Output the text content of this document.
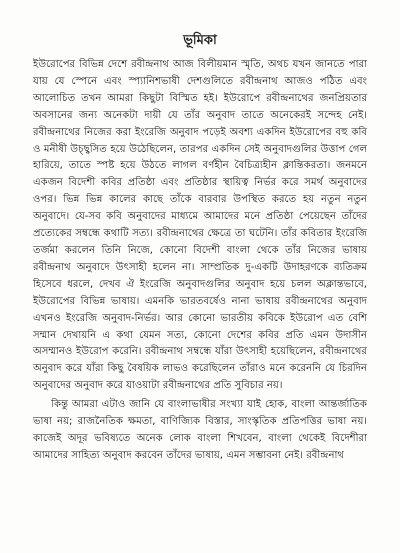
ভূমিকা

ইউরোপের বিভিন্ন দেশে রবীন্দ্রনাথ আজ বিলীয়মান স্মৃতি, অথচ যখন জানতে পারা যায় যে স্পেনে এবং স্প্যানিশভাষী দেশগুলিতে রবীন্দ্রনাথ আজও পঠিত এবং আলোচিত তখন আমরা কিছুটা বিস্মিত হই। ইউরোপে রবীন্দ্রনাথের জনপ্রিয়তার অবসানের জন্য অনেকটা দায়ী যে তাঁর অনুবাদ তাতে অনেকেরই সন্দেহ নেই। রবীন্দ্রনাথের নিজের করা ইংরেজি অনুবাদ পড়েই অবশ্য একদিন ইউরোপের বহু কবি ও মনীষী উচ্ছ্বসিত হয়ে উঠেছিলেন, তারপর একদিন সেই অনুবাদগুলির উত্তাপ গেল হারিয়ে, তাতে স্পষ্ট হয়ে উঠতে লাগল বর্ণহীন বৈচিত্র্যহীন ক্লান্তিকরতা। জনমনে একজন বিদেশী কবির প্রতিষ্ঠা এবং প্রতিষ্ঠার স্থায়িত্ব নির্ভর করে সমর্থ অনুবাদের ওপর। ভিন্ন ভিন্ন কালের কাছে তাঁকে বারবার উপস্থিত করতে হয় নতুন নতুন অনুবাদে। যে-সব কবি অনুবাদের মাধ্যমে আমাদের মনে প্রতিষ্ঠা পেয়েছেন তাঁদের প্রত্যেকের সম্বন্ধে কথাটি সত্য। রবীন্দ্রনাথের ক্ষেত্রে তা ঘটেনি। তাঁর কবিতার ইংরেজি তর্জমা করলেন তিনি নিজে, কোনো বিদেশী বাংলা থেকে তাঁর নিজের ভাষায় রবীন্দ্রনাথ অনুবাদে উৎসাহী হলেন না। সাম্প্রতিক দু-একটি উদাহরণকে ব্যতিক্রম হিসেবে ধরলে, দেখব ঐ ইংরেজি অনুবাদগুলির অনুবাদ হয়ে চলল অক্লান্তভাবে, ইউরোপের বিভিন্ন ভাষায়। এমনকি ভারতবর্ষেও নানা ভাষায় রবীন্দ্রনাথের অনুবাদ এখনও ইংরেজি অনুবাদ-নির্ভর। আর কোনো ভারতীয় কবিকে ইউরোপ এত বেশি সম্মান দেখায়নি এ কথা যেমন সত্য, কোনো দেশের কবির প্রতি এমন উদাসীন অসম্মানও ইউরোপ করেনি। রবীন্দ্রনাথ সম্বন্ধে যাঁরা উৎসাহী হয়েছিলেন, রবীন্দ্রনাথের অনুবাদ করে যাঁরা কিছু বৈষয়িক লাভও করেছিলেন তাঁরাও মনে করেননি যে চিরদিন অনুবাদের অনুবাদ করে যাওয়াটা রবীন্দ্রনাথের প্রতি সুবিচার নয়।

কিন্তু আমরা এটাও জানি যে বাংলাভাষীর সংখ্যা যাই হোক, বাংলা আন্তর্জাতিক ভাষা নয়; রাজনৈতিক ক্ষমতা, বাণিজ্যিক বিস্তার, সাংস্কৃতিক প্রতিপত্তির ভাষা নয়। কাজেই অদূর ভবিষ্যতে অনেক লোক বাংলা শিখবেন, বাংলা থেকেই বিদেশীরা আমাদের সাহিত্য অনুবাদ করবেন তাঁদের ভাষায়, এমন সম্ভাবনা নেই। রবীন্দ্রনাথ
